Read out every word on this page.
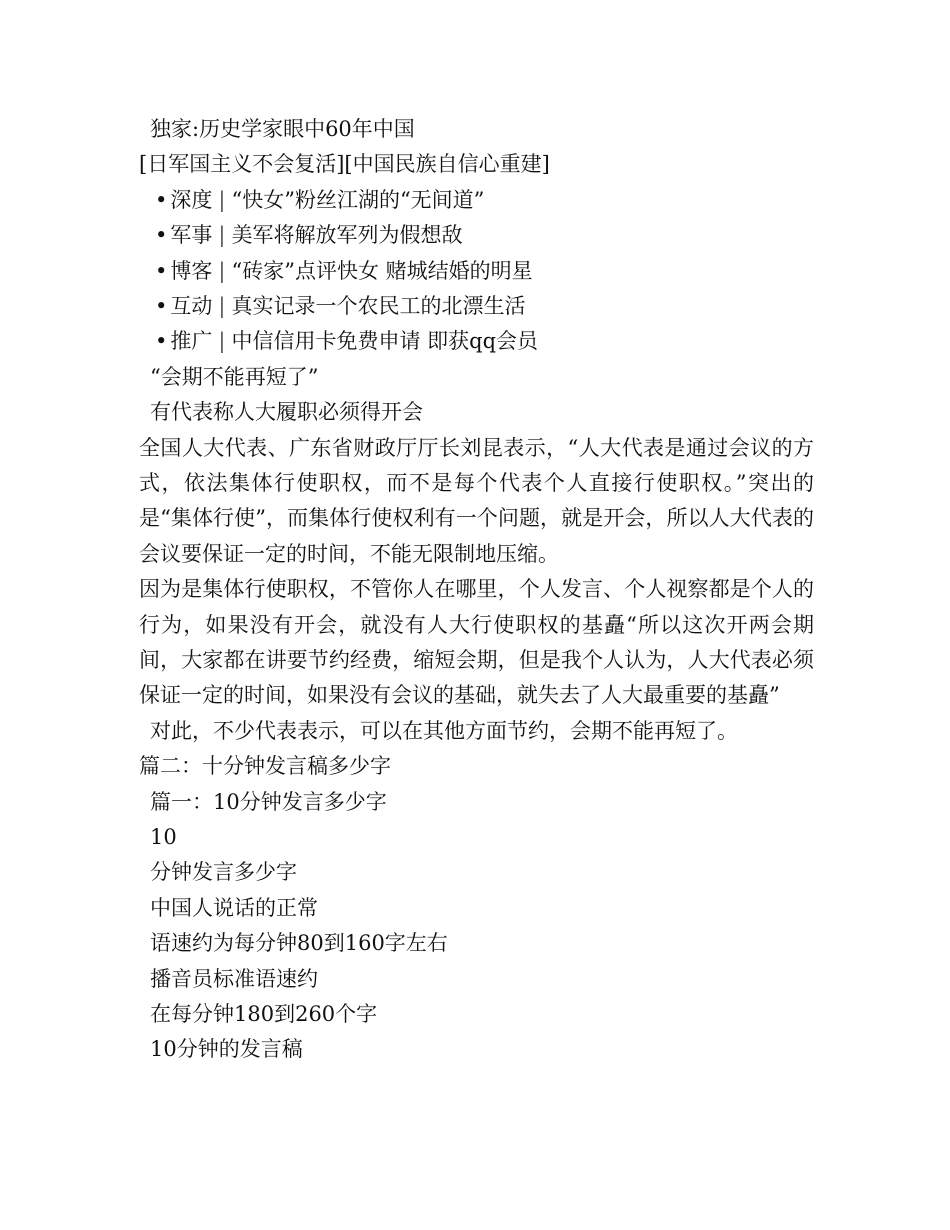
独家:历史学家眼中60年中国
[日军国主义不会复活][中国民族自信心重建]
• 深度 | “快女”粉丝江湖的“无间道”
• 军事 | 美军将解放军列为假想敌
• 博客 | “砖家”点评快女 赌城结婚的明星
• 互动 | 真实记录一个农民工的北漂生活
• 推广 | 中信信用卡免费申请 即获qq会员
“会期不能再短了”
有代表称人大履职必须得开会

全国人大代表、广东省财政厅厅长刘昆表示，“人大代表是通过会议的方式，依法集体行使职权，而不是每个代表个人直接行使职权。”突出的是“集体行使”，而集体行使权利有一个问题，就是开会，所以人大代表的会议要保证一定的时间，不能无限制地压缩。

因为是集体行使职权，不管你人在哪里，个人发言、个人视察都是个人的行为，如果没有开会，就没有人大行使职权的基矗“所以这次开两会期间，大家都在讲要节约经费，缩短会期，但是我个人认为，人大代表必须保证一定的时间，如果没有会议的基础，就失去了人大最重要的基矗”

对此，不少代表表示，可以在其他方面节约，会期不能再短了。
篇二：十分钟发言稿多少字
篇一：10分钟发言多少字
10
分钟发言多少字
中国人说话的正常
语速约为每分钟80到160字左右
播音员标准语速约
在每分钟180到260个字
10分钟的发言稿
